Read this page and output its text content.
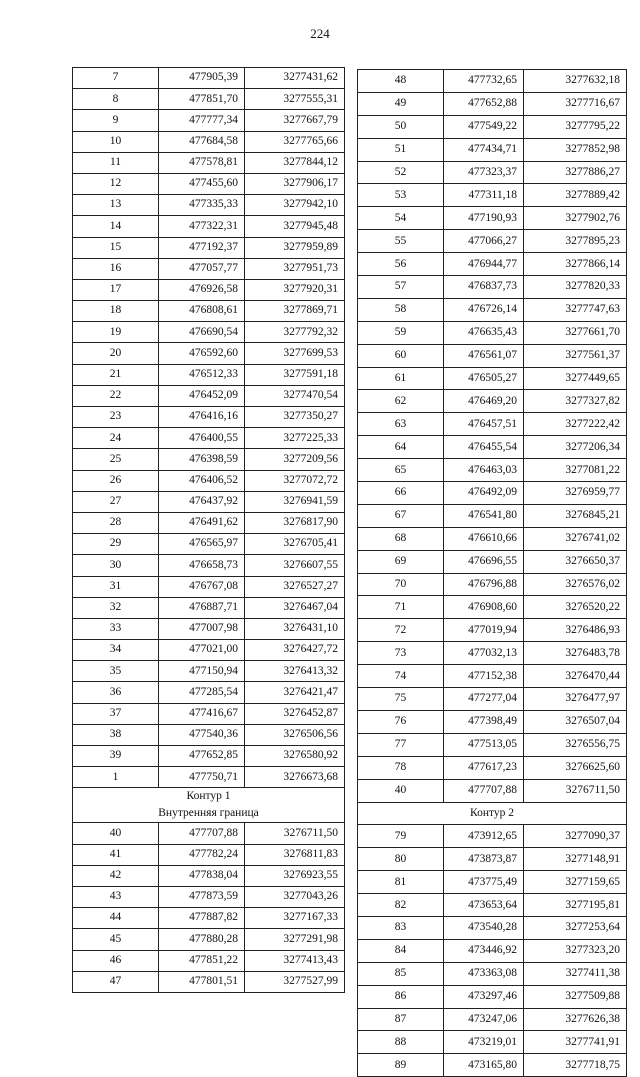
224
7	477905,39	3277431,62
8	477851,70	3277555,31
9	477777,34	3277667,79
10	477684,58	3277765,66
11	477578,81	3277844,12
12	477455,60	3277906,17
13	477335,33	3277942,10
14	477322,31	3277945,48
15	477192,37	3277959,89
16	477057,77	3277951,73
17	476926,58	3277920,31
18	476808,61	3277869,71
19	476690,54	3277792,32
20	476592,60	3277699,53
21	476512,33	3277591,18
22	476452,09	3277470,54
23	476416,16	3277350,27
24	476400,55	3277225,33
25	476398,59	3277209,56
26	476406,52	3277072,72
27	476437,92	3276941,59
28	476491,62	3276817,90
29	476565,97	3276705,41
30	476658,73	3276607,55
31	476767,08	3276527,27
32	476887,71	3276467,04
33	477007,98	3276431,10
34	477021,00	3276427,72
35	477150,94	3276413,32
36	477285,54	3276421,47
37	477416,67	3276452,87
38	477540,36	3276506,56
39	477652,85	3276580,92
1	477750,71	3276673,68
Контур 1		
Внутренняя граница		
40	477707,88	3276711,50
41	477782,24	3276811,83
42	477838,04	3276923,55
43	477873,59	3277043,26
44	477887,82	3277167,33
45	477880,28	3277291,98
46	477851,22	3277413,43
47	477801,51	3277527,99
48	477732,65	3277632,18
49	477652,88	3277716,67
50	477549,22	3277795,22
51	477434,71	3277852,98
52	477323,37	3277886,27
53	477311,18	3277889,42
54	477190,93	3277902,76
55	477066,27	3277895,23
56	476944,77	3277866,14
57	476837,73	3277820,33
58	476726,14	3277747,63
59	476635,43	3277661,70
60	476561,07	3277561,37
61	476505,27	3277449,65
62	476469,20	3277327,82
63	476457,51	3277222,42
64	476455,54	3277206,34
65	476463,03	3277081,22
66	476492,09	3276959,77
67	476541,80	3276845,21
68	476610,66	3276741,02
69	476696,55	3276650,37
70	476796,88	3276576,02
71	476908,60	3276520,22
72	477019,94	3276486,93
73	477032,13	3276483,78
74	477152,38	3276470,44
75	477277,04	3276477,97
76	477398,49	3276507,04
77	477513,05	3276556,75
78	477617,23	3276625,60
40	477707,88	3276711,50
Контур 2		
79	473912,65	3277090,37
80	473873,87	3277148,91
81	473775,49	3277159,65
82	473653,64	3277195,81
83	473540,28	3277253,64
84	473446,92	3277323,20
85	473363,08	3277411,38
86	473297,46	3277509,88
87	473247,06	3277626,38
88	473219,01	3277741,91
89	473165,80	3277718,75
